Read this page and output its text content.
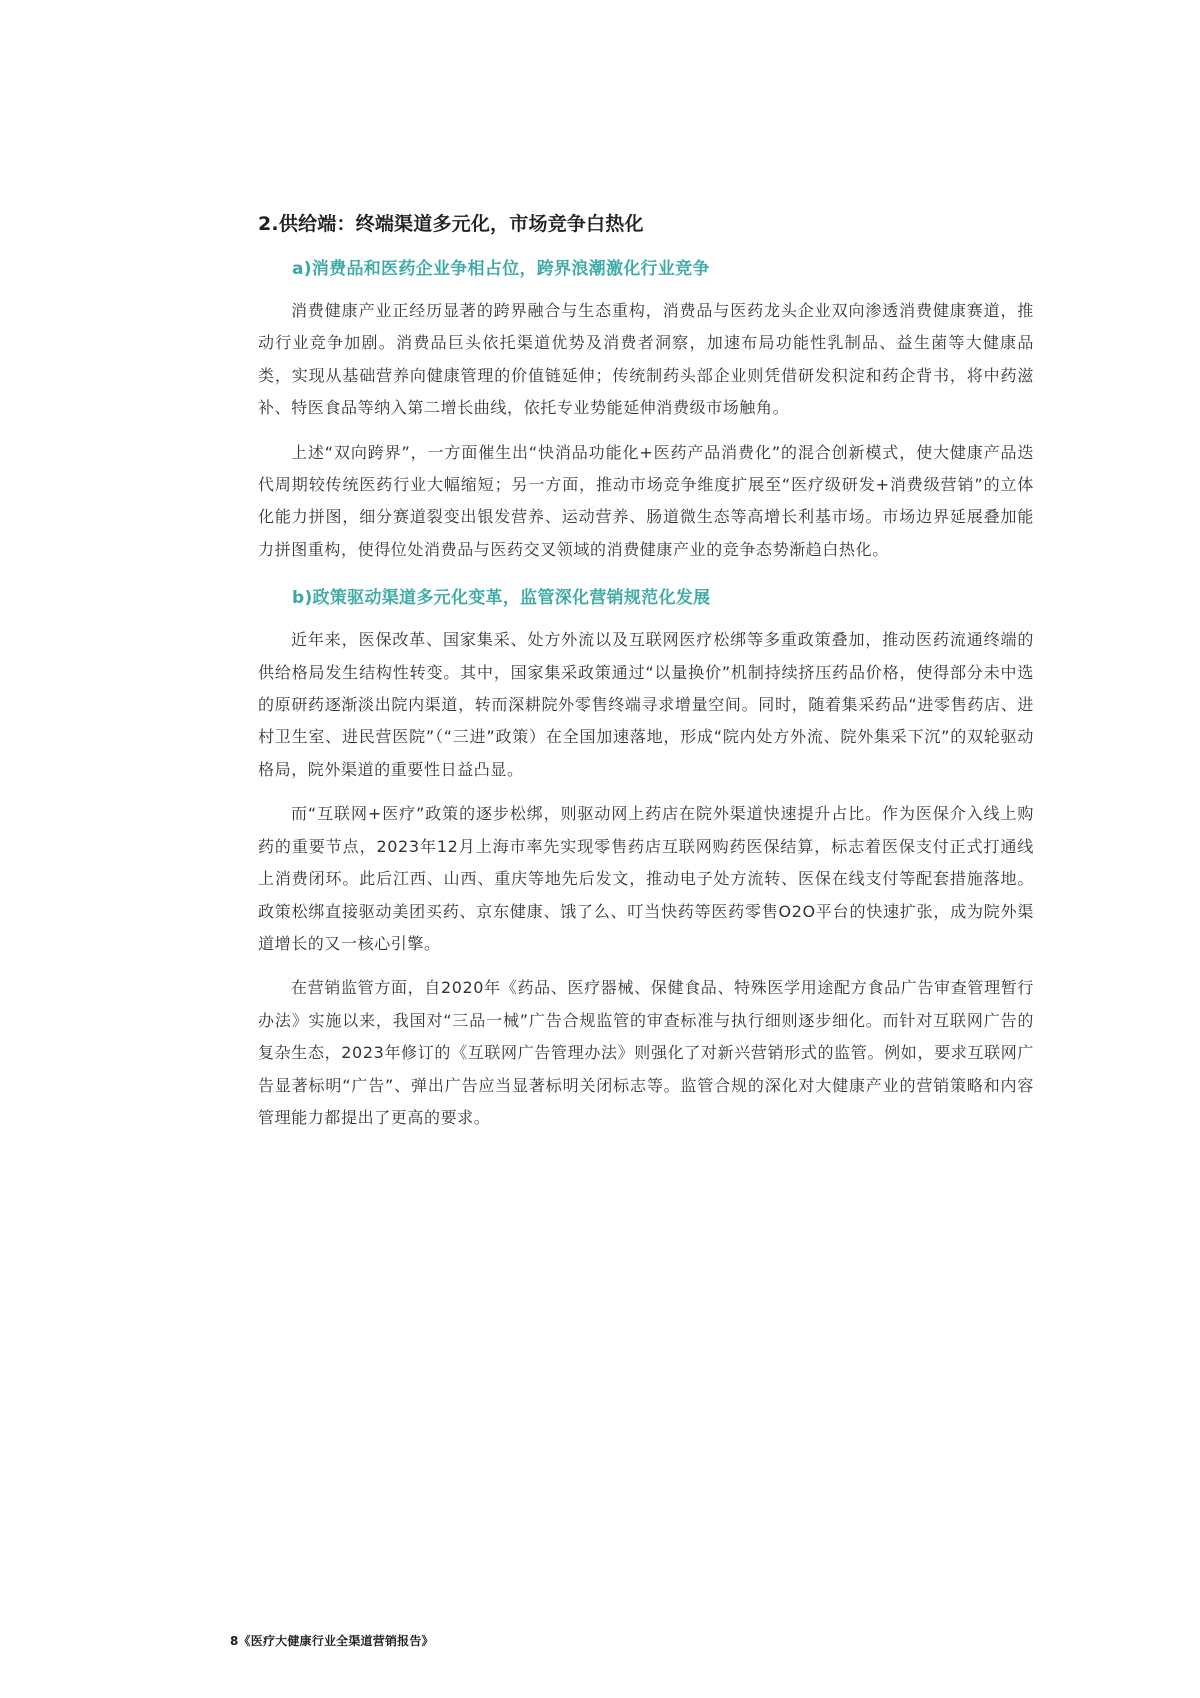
2.供给端：终端渠道多元化，市场竞争白热化
a)消费品和医药企业争相占位，跨界浪潮激化行业竞争

消费健康产业正经历显著的跨界融合与生态重构，消费品与医药龙头企业双向渗透消费健康赛道，推动行业竞争加剧。消费品巨头依托渠道优势及消费者洞察，加速布局功能性乳制品、益生菌等大健康品类，实现从基础营养向健康管理的价值链延伸；传统制药头部企业则凭借研发积淀和药企背书，将中药滋补、特医食品等纳入第二增长曲线，依托专业势能延伸消费级市场触角。

上述“双向跨界”，一方面催生出“快消品功能化+医药产品消费化”的混合创新模式，使大健康产品迭代周期较传统医药行业大幅缩短；另一方面，推动市场竞争维度扩展至“医疗级研发+消费级营销”的立体化能力拼图，细分赛道裂变出银发营养、运动营养、肠道微生态等高增长利基市场。市场边界延展叠加能力拼图重构，使得位处消费品与医药交叉领域的消费健康产业的竞争态势渐趋白热化。

b)政策驱动渠道多元化变革，监管深化营销规范化发展

近年来，医保改革、国家集采、处方外流以及互联网医疗松绑等多重政策叠加，推动医药流通终端的供给格局发生结构性转变。其中，国家集采政策通过“以量换价”机制持续挤压药品价格，使得部分未中选的原研药逐渐淡出院内渠道，转而深耕院外零售终端寻求增量空间。同时，随着集采药品“进零售药店、进村卫生室、进民营医院”（“三进”政策）在全国加速落地，形成“院内处方外流、院外集采下沉”的双轮驱动格局，院外渠道的重要性日益凸显。

而“互联网+医疗”政策的逐步松绑，则驱动网上药店在院外渠道快速提升占比。作为医保介入线上购药的重要节点，2023年12月上海市率先实现零售药店互联网购药医保结算，标志着医保支付正式打通线上消费闭环。此后江西、山西、重庆等地先后发文，推动电子处方流转、医保在线支付等配套措施落地。政策松绑直接驱动美团买药、京东健康、饿了么、叮当快药等医药零售O2O平台的快速扩张，成为院外渠道增长的又一核心引擎。

在营销监管方面，自2020年《药品、医疗器械、保健食品、特殊医学用途配方食品广告审查管理暂行办法》实施以来，我国对“三品一械”广告合规监管的审查标准与执行细则逐步细化。而针对互联网广告的复杂生态，2023年修订的《互联网广告管理办法》则强化了对新兴营销形式的监管。例如，要求互联网广告显著标明“广告”、弹出广告应当显著标明关闭标志等。监管合规的深化对大健康产业的营销策略和内容管理能力都提出了更高的要求。

8《医疗大健康行业全渠道营销报告》
